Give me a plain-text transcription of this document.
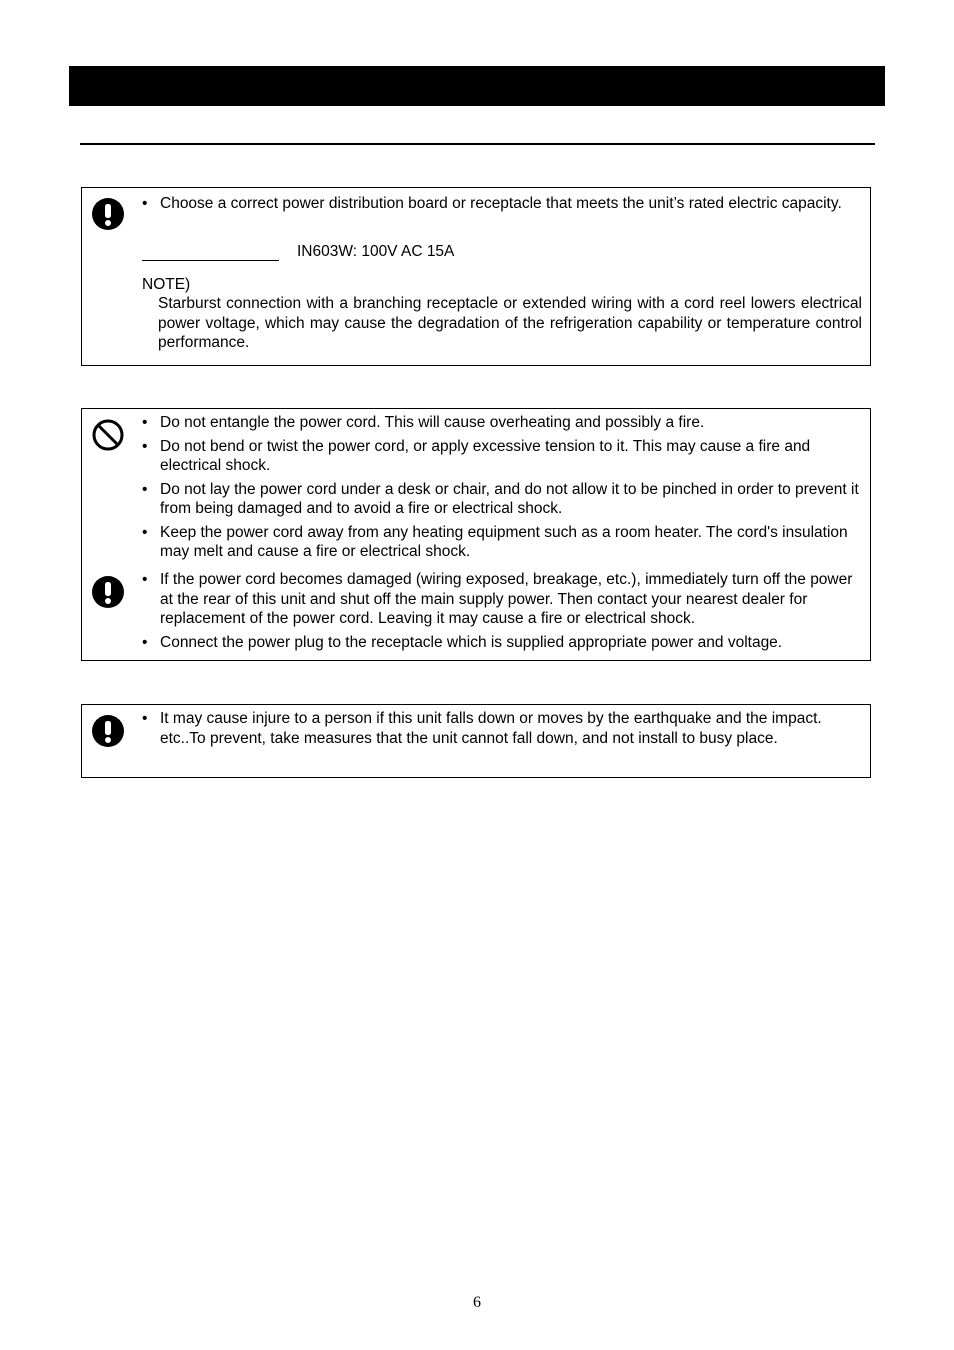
• Choose a correct power distribution board or receptacle that meets the unit’s rated electric capacity.
IN603W: 100V AC 15A
NOTE)
Starburst connection with a branching receptacle or extended wiring with a cord reel lowers electrical power voltage, which may cause the degradation of the refrigeration capability or temperature control performance.
• Do not entangle the power cord. This will cause overheating and possibly a fire.
• Do not bend or twist the power cord, or apply excessive tension to it. This may cause a fire and electrical shock.
• Do not lay the power cord under a desk or chair, and do not allow it to be pinched in order to prevent it from being damaged and to avoid a fire or electrical shock.
• Keep the power cord away from any heating equipment such as a room heater. The cord's insulation may melt and cause a fire or electrical shock.
• If the power cord becomes damaged (wiring exposed, breakage, etc.), immediately turn off the power at the rear of this unit and shut off the main supply power. Then contact your nearest dealer for replacement of the power cord. Leaving it may cause a fire or electrical shock.
• Connect the power plug to the receptacle which is supplied appropriate power and voltage.
• It may cause injure to a person if this unit falls down or moves by the earthquake and the impact. etc..To prevent, take measures that the unit cannot fall down, and not install to busy place.
6
